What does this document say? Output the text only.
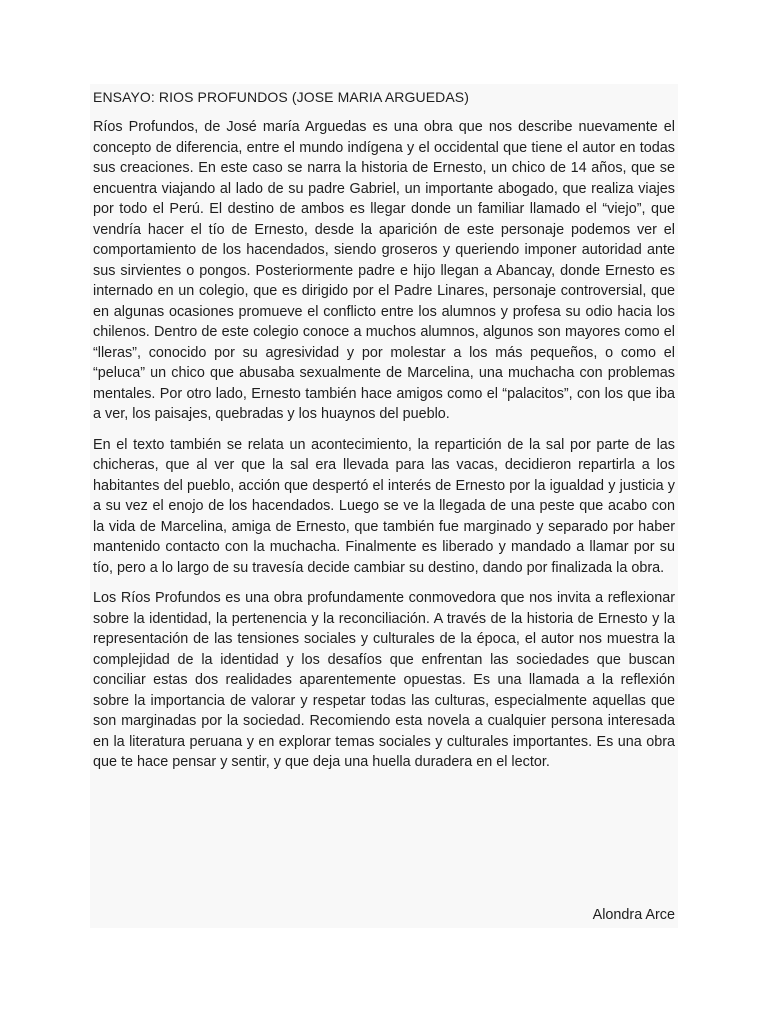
ENSAYO: RIOS PROFUNDOS (JOSE MARIA ARGUEDAS)

Ríos Profundos, de José maría Arguedas es una obra que nos describe nuevamente el concepto de diferencia, entre el mundo indígena y el occidental que tiene el autor en todas sus creaciones. En este caso se narra la historia de Ernesto, un chico de 14 años, que se encuentra viajando al lado de su padre Gabriel, un importante abogado, que realiza viajes por todo el Perú. El destino de ambos es llegar donde un familiar llamado el “viejo”, que vendría hacer el tío de Ernesto, desde la aparición de este personaje podemos ver el comportamiento de los hacendados, siendo groseros y queriendo imponer autoridad ante sus sirvientes o pongos. Posteriormente padre e hijo llegan a Abancay, donde Ernesto es internado en un colegio, que es dirigido por el Padre Linares, personaje controversial, que en algunas ocasiones promueve el conflicto entre los alumnos y profesa su odio hacia los chilenos. Dentro de este colegio conoce a muchos alumnos, algunos son mayores como el “lleras”, conocido por su agresividad y por molestar a los más pequeños, o como el “peluca” un chico que abusaba sexualmente de Marcelina, una muchacha con problemas mentales. Por otro lado, Ernesto también hace amigos como el “palacitos”, con los que iba a ver, los paisajes, quebradas y los huaynos del pueblo.

En el texto también se relata un acontecimiento, la repartición de la sal por parte de las chicheras, que al ver que la sal era llevada para las vacas, decidieron repartirla a los habitantes del pueblo, acción que despertó el interés de Ernesto por la igualdad y justicia y a su vez el enojo de los hacendados. Luego se ve la llegada de una peste que acabo con la vida de Marcelina, amiga de Ernesto, que también fue marginado y separado por haber mantenido contacto con la muchacha. Finalmente es liberado y mandado a llamar por su tío, pero a lo largo de su travesía decide cambiar su destino, dando por finalizada la obra.

Los Ríos Profundos es una obra profundamente conmovedora que nos invita a reflexionar sobre la identidad, la pertenencia y la reconciliación. A través de la historia de Ernesto y la representación de las tensiones sociales y culturales de la época, el autor nos muestra la complejidad de la identidad y los desafíos que enfrentan las sociedades que buscan conciliar estas dos realidades aparentemente opuestas. Es una llamada a la reflexión sobre la importancia de valorar y respetar todas las culturas, especialmente aquellas que son marginadas por la sociedad. Recomiendo esta novela a cualquier persona interesada en la literatura peruana y en explorar temas sociales y culturales importantes. Es una obra que te hace pensar y sentir, y que deja una huella duradera en el lector.

Alondra Arce
